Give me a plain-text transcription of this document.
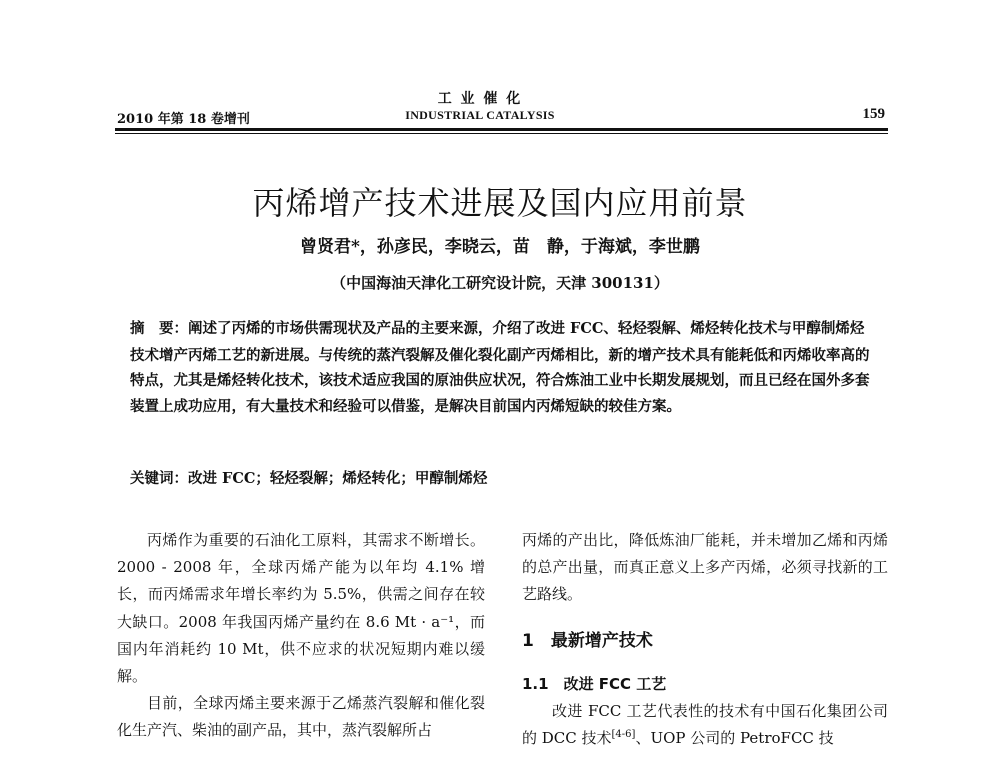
2010 年第 18 卷增刊
工 业 催 化
INDUSTRIAL CATALYSIS	159
丙烯增产技术进展及国内应用前景
曾贤君*，孙彦民，李晓云，苗　静，于海斌，李世鹏
（中国海油天津化工研究设计院，天津 300131）
摘　要：阐述了丙烯的市场供需现状及产品的主要来源，介绍了改进 FCC、轻烃裂解、烯烃转化技术与甲醇制烯烃技术增产丙烯工艺的新进展。与传统的蒸汽裂解及催化裂化副产丙烯相比，新的增产技术具有能耗低和丙烯收率高的特点，尤其是烯烃转化技术，该技术适应我国的原油供应状况，符合炼油工业中长期发展规划，而且已经在国外多套装置上成功应用，有大量技术和经验可以借鉴，是解决目前国内丙烯短缺的较佳方案。
关键词：改进 FCC；轻烃裂解；烯烃转化；甲醇制烯烃

丙烯作为重要的石油化工原料，其需求不断增长。2000 - 2008 年，全球丙烯产能为以年均 4.1% 增长，而丙烯需求年增长率约为 5.5%，供需之间存在较大缺口。2008 年我国丙烯产量约在 8.6 Mt · a⁻¹，而国内年消耗约 10 Mt，供不应求的状况短期内难以缓解。

目前，全球丙烯主要来源于乙烯蒸汽裂解和催化裂化生产汽、柴油的副产品，其中，蒸汽裂解所占

丙烯的产出比，降低炼油厂能耗，并未增加乙烯和丙烯的总产出量，而真正意义上多产丙烯，必须寻找新的工艺路线。

1　最新增产技术
1.1　改进 FCC 工艺

改进 FCC 工艺代表性的技术有中国石化集团公司的 DCC 技术[4-6]、UOP 公司的 PetroFCC 技
